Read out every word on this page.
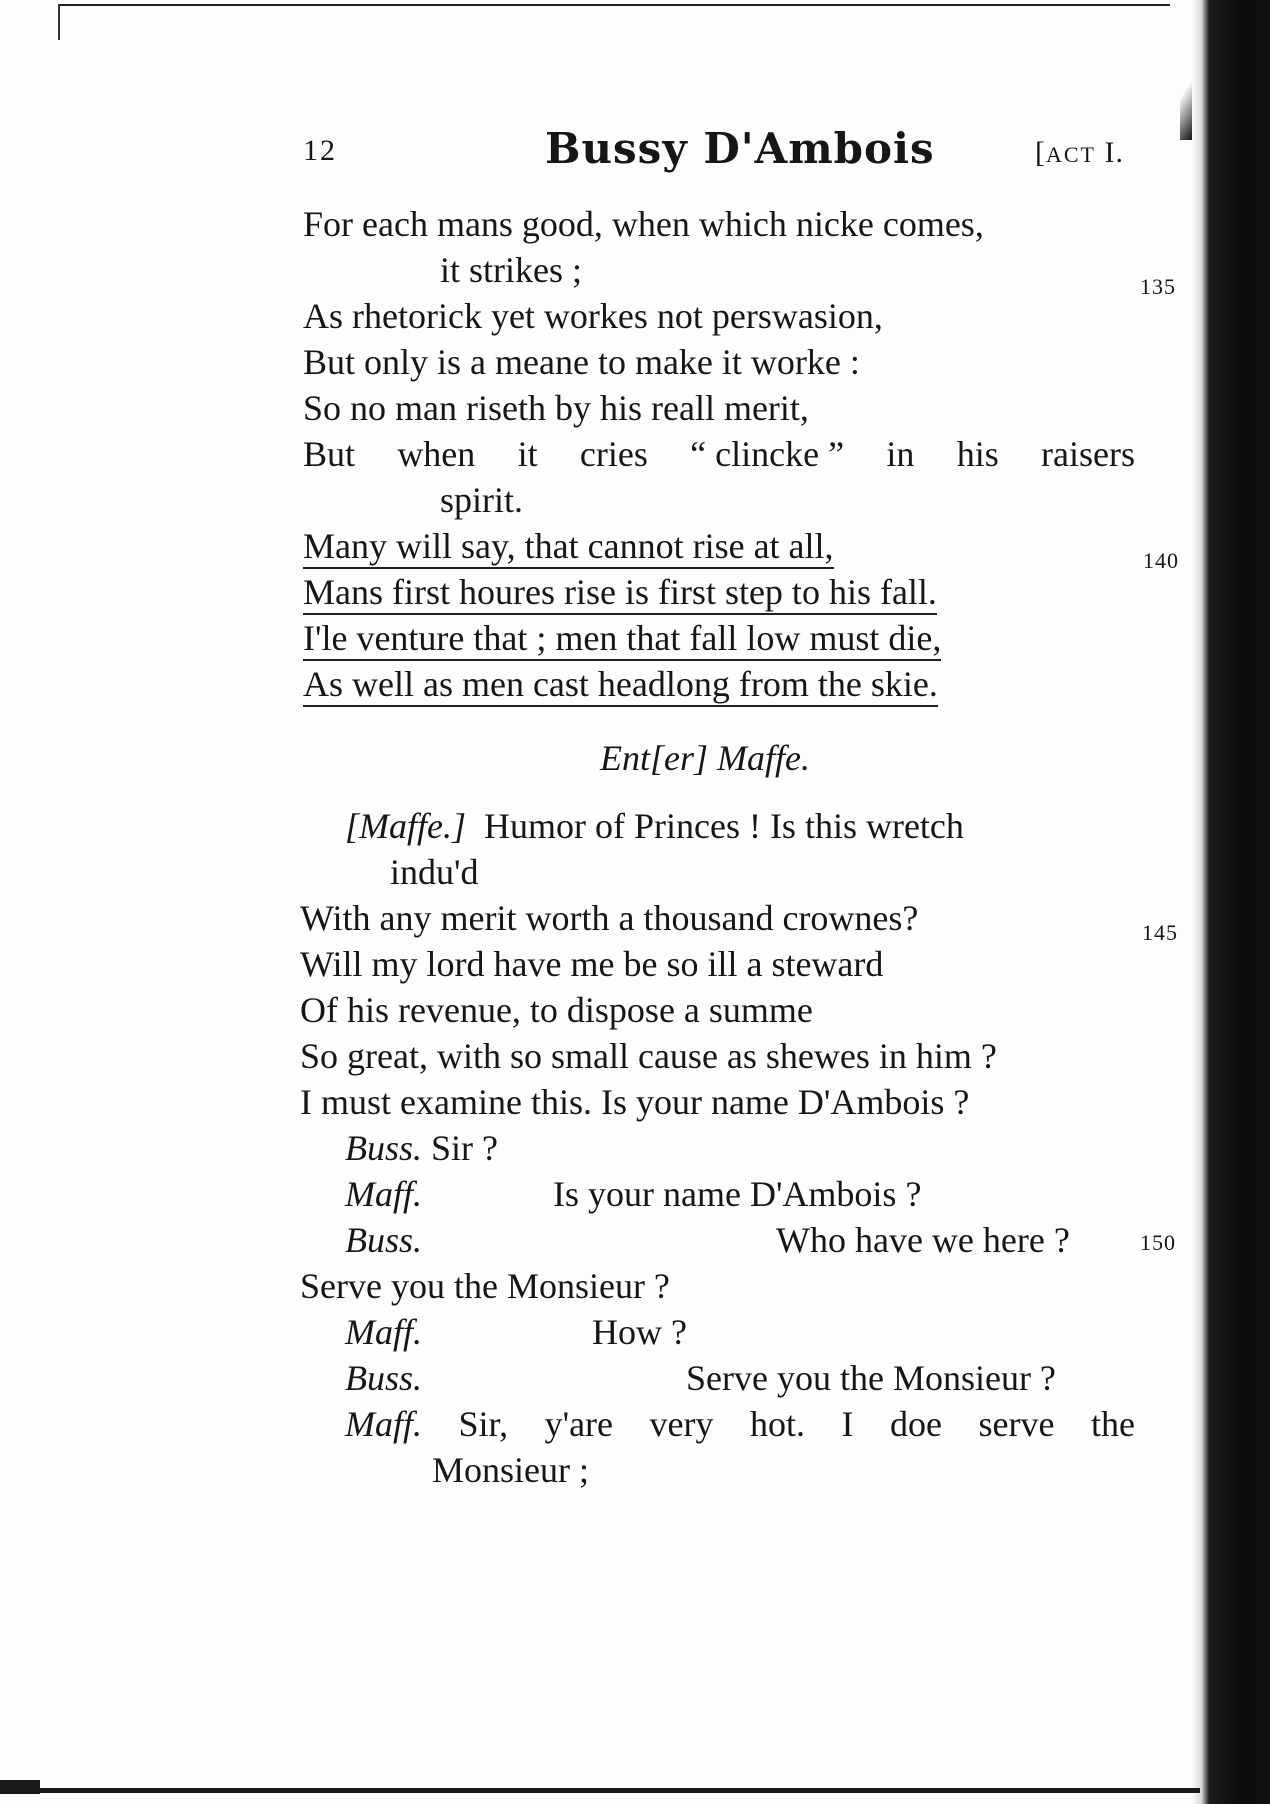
12	Bussy D'Ambois	[ACT I.
For each mans good, when which nicke comes,
it strikes ;	135
As rhetorick yet workes not perswasion,
But only is a meane to make it worke :
So no man riseth by his reall merit,
But when it cries “ clincke ” in his raisers
spirit.
Many will say, that cannot rise at all,	140
Mans first houres rise is first step to his fall.
I'le venture that ; men that fall low must die,
As well as men cast headlong from the skie.
Ent[er] Maffe.
[Maffe.] Humor of Princes ! Is this wretch
indu'd
With any merit worth a thousand crownes?	145
Will my lord have me be so ill a steward
Of his revenue, to dispose a summe
So great, with so small cause as shewes in him ?
I must examine this. Is your name D'Ambois ?
Buss. Sir ?
Maff.	Is your name D'Ambois ?
Buss.	Who have we here ?	150
Serve you the Monsieur ?
Maff.	How ?
Buss.	Serve you the Monsieur ?
Maff. Sir, y'are very hot. I doe serve the
Monsieur ;
